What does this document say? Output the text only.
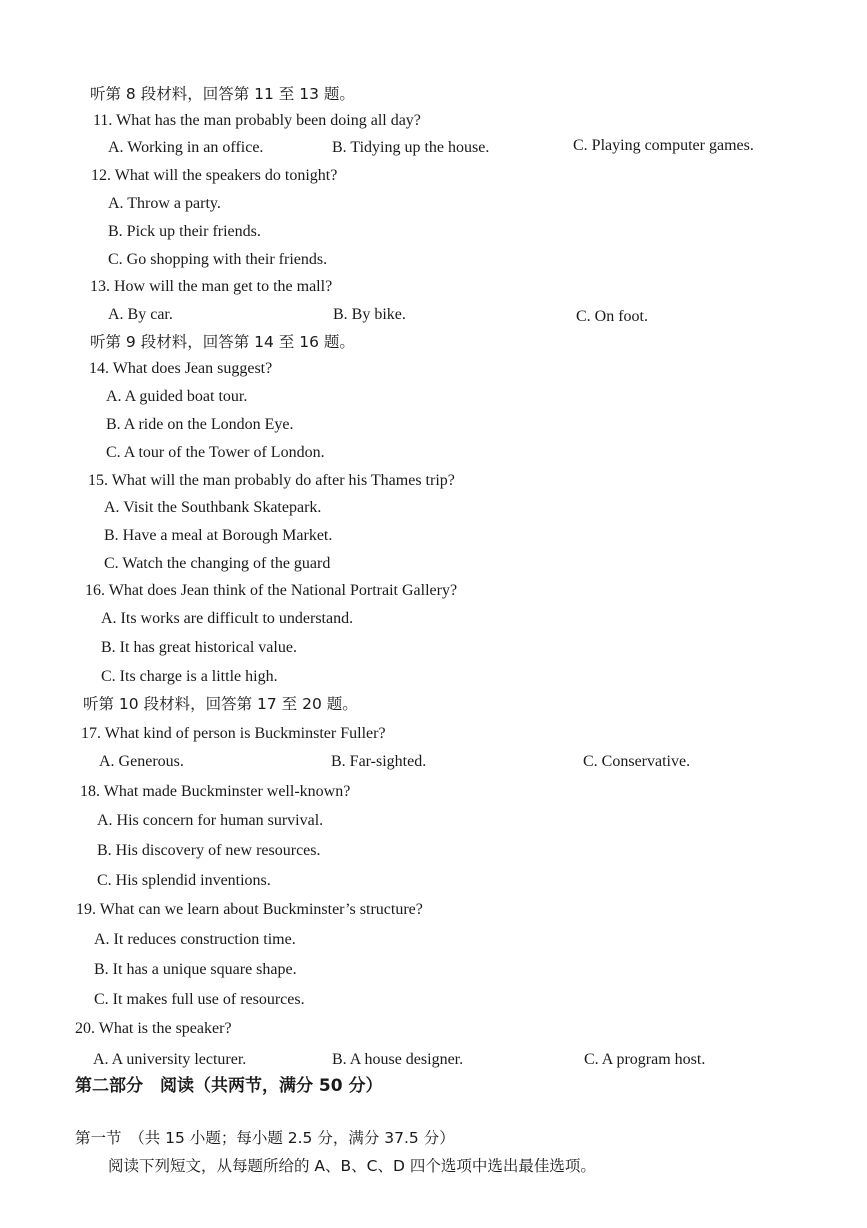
听第 8 段材料，回答第 11 至 13 题。
11. What has the man probably been doing all day?
A. Working in an office.	B. Tidying up the house.	C. Playing computer games.
12. What will the speakers do tonight?
A. Throw a party.
B. Pick up their friends.
C. Go shopping with their friends.
13. How will the man get to the mall?
A. By car.	B. By bike.	C. On foot.
听第 9 段材料，回答第 14 至 16 题。
14. What does Jean suggest?
A. A guided boat tour.
B. A ride on the London Eye.
C. A tour of the Tower of London.
15. What will the man probably do after his Thames trip?
A. Visit the Southbank Skatepark.
B. Have a meal at Borough Market.
C. Watch the changing of the guard
16. What does Jean think of the National Portrait Gallery?
A. Its works are difficult to understand.
B. It has great historical value.
C. Its charge is a little high.
听第 10 段材料，回答第 17 至 20 题。
17. What kind of person is Buckminster Fuller?
A. Generous.	B. Far-sighted.	C. Conservative.
18. What made Buckminster well-known?
A. His concern for human survival.
B. His discovery of new resources.
C. His splendid inventions.
19. What can we learn about Buckminster’s structure?
A. It reduces construction time.
B. It has a unique square shape.
C. It makes full use of resources.
20. What is the speaker?
A. A university lecturer.	B. A house designer.	C. A program host.
第二部分　阅读（共两节，满分 50 分）
第一节　（共 15 小题；每小题 2.5 分，满分 37.5 分）
阅读下列短文，从每题所给的 A、B、C、D 四个选项中选出最佳选项。
